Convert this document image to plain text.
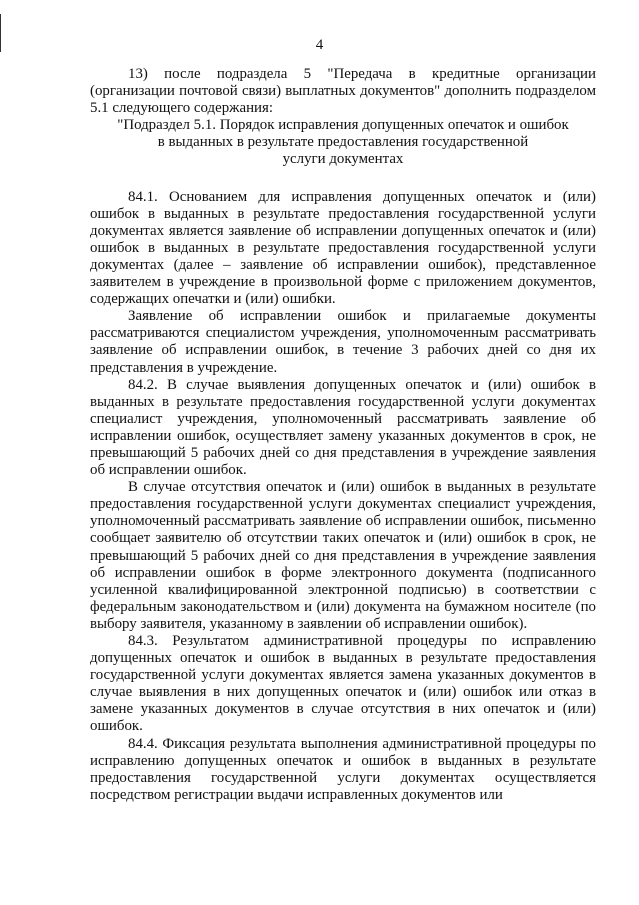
4

13) после подраздела 5 "Передача в кредитные организации (организации почтовой связи) выплатных документов" дополнить подразделом 5.1 следующего содержания:

"Подраздел 5.1. Порядок исправления допущенных опечаток и ошибок
в выданных в результате предоставления государственной
услуги документах

84.1. Основанием для исправления допущенных опечаток и (или) ошибок в выданных в результате предоставления государственной услуги документах является заявление об исправлении допущенных опечаток и (или) ошибок в выданных в результате предоставления государственной услуги документах (далее – заявление об исправлении ошибок), представленное заявителем в учреждение в произвольной форме с приложением документов, содержащих опечатки и (или) ошибки.

Заявление об исправлении ошибок и прилагаемые документы рассматриваются специалистом учреждения, уполномоченным рассматривать заявление об исправлении ошибок, в течение 3 рабочих дней со дня их представления в учреждение.

84.2. В случае выявления допущенных опечаток и (или) ошибок в выданных в результате предоставления государственной услуги документах специалист учреждения, уполномоченный рассматривать заявление об исправлении ошибок, осуществляет замену указанных документов в срок, не превышающий 5 рабочих дней со дня представления в учреждение заявления об исправлении ошибок.

В случае отсутствия опечаток и (или) ошибок в выданных в результате предоставления государственной услуги документах специалист учреждения, уполномоченный рассматривать заявление об исправлении ошибок, письменно сообщает заявителю об отсутствии таких опечаток и (или) ошибок в срок, не превышающий 5 рабочих дней со дня представления в учреждение заявления об исправлении ошибок в форме электронного документа (подписанного усиленной квалифицированной электронной подписью) в соответствии с федеральным законодательством и (или) документа на бумажном носителе (по выбору заявителя, указанному в заявлении об исправлении ошибок).

84.3. Результатом административной процедуры по исправлению допущенных опечаток и ошибок в выданных в результате предоставления государственной услуги документах является замена указанных документов в случае выявления в них допущенных опечаток и (или) ошибок или отказ в замене указанных документов в случае отсутствия в них опечаток и (или) ошибок.

84.4. Фиксация результата выполнения административной процедуры по исправлению допущенных опечаток и ошибок в выданных в результате предоставления государственной услуги документах осуществляется посредством регистрации выдачи исправленных документов или
